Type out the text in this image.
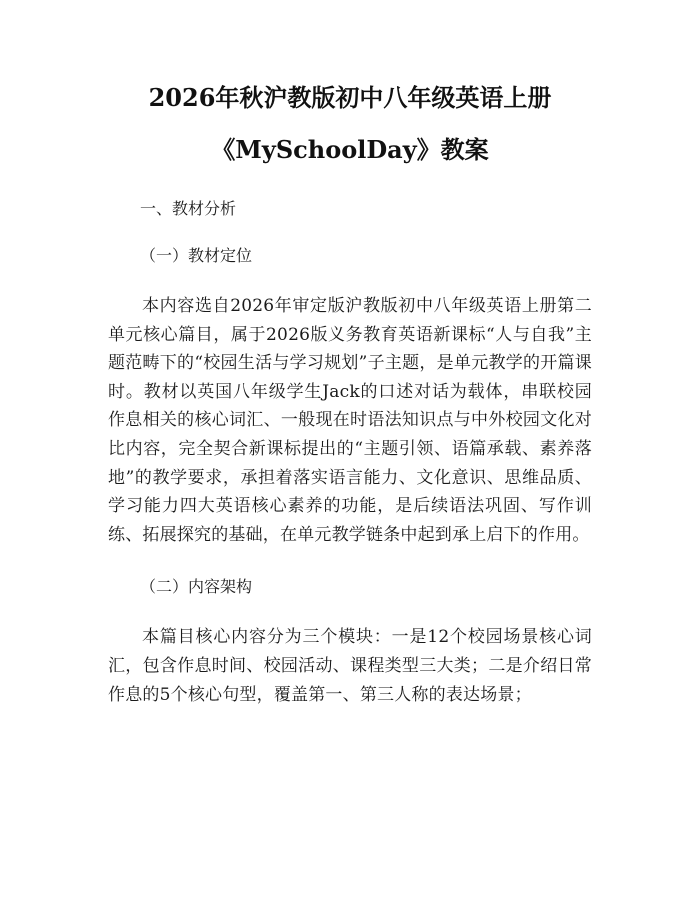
2026年秋沪教版初中八年级英语上册
《MySchoolDay》教案

一、教材分析

（一）教材定位

本内容选自2026年审定版沪教版初中八年级英语上册第二单元核心篇目，属于2026版义务教育英语新课标“人与自我”主题范畴下的“校园生活与学习规划”子主题，是单元教学的开篇课时。教材以英国八年级学生Jack的口述对话为载体，串联校园作息相关的核心词汇、一般现在时语法知识点与中外校园文化对比内容，完全契合新课标提出的“主题引领、语篇承载、素养落地”的教学要求，承担着落实语言能力、文化意识、思维品质、学习能力四大英语核心素养的功能，是后续语法巩固、写作训练、拓展探究的基础，在单元教学链条中起到承上启下的作用。

（二）内容架构

本篇目核心内容分为三个模块：一是12个校园场景核心词汇，包含作息时间、校园活动、课程类型三大类；二是介绍日常作息的5个核心句型，覆盖第一、第三人称的表达场景；
